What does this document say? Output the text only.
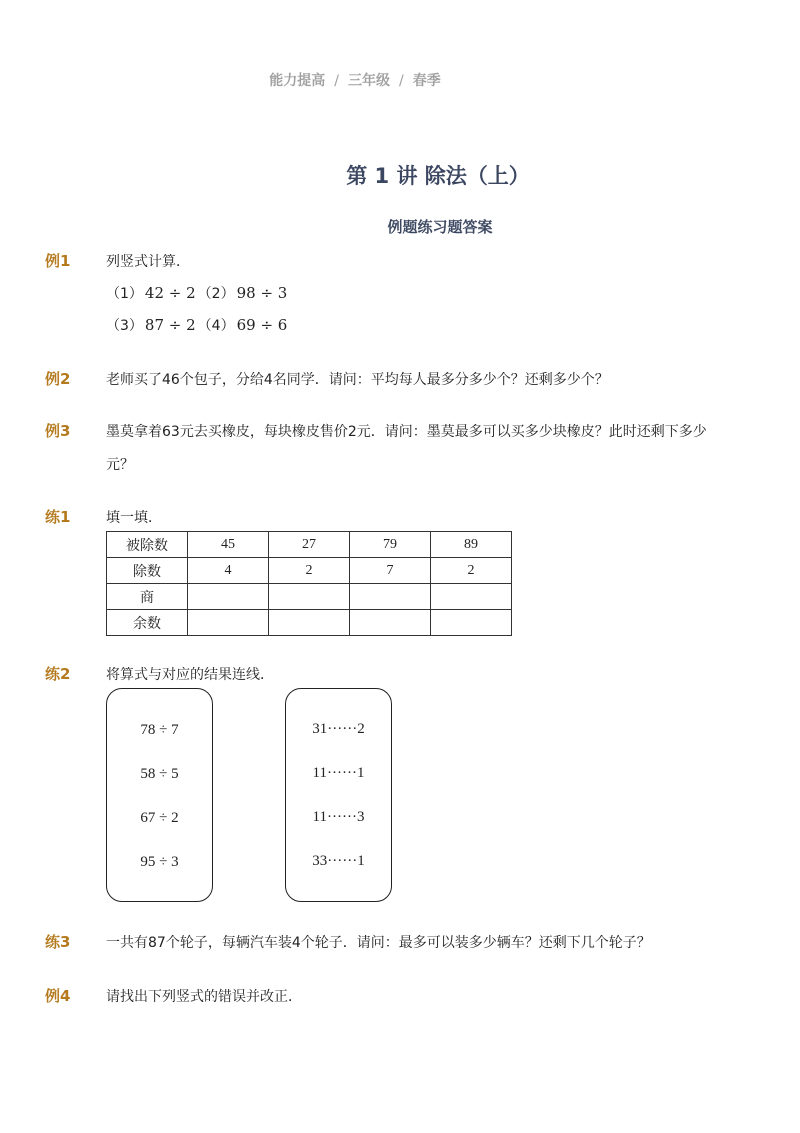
能力提高 / 三年级 / 春季
第 1 讲 除法（上）
例题练习题答案
例1	列竖式计算．
（1） 42 ÷ 2 （2） 98 ÷ 3
（3） 87 ÷ 2 （4） 69 ÷ 6
例2	老师买了46个包子，分给4名同学．请问：平均每人最多分多少个？还剩多少个？
例3	墨莫拿着63元去买橡皮，每块橡皮售价2元．请问：墨莫最多可以买多少块橡皮？此时还剩下多少
元？
练1	填一填．
被除数	45	27	79	89
除数	4	2	7	2
商				
余数				
练2	将算式与对应的结果连线．
78 ÷ 7
58 ÷ 5
67 ÷ 2
95 ÷ 3
31······2
11······1
11······3
33······1
练3	一共有87个轮子，每辆汽车装4个轮子．请问：最多可以装多少辆车？还剩下几个轮子？
例4	请找出下列竖式的错误并改正．
